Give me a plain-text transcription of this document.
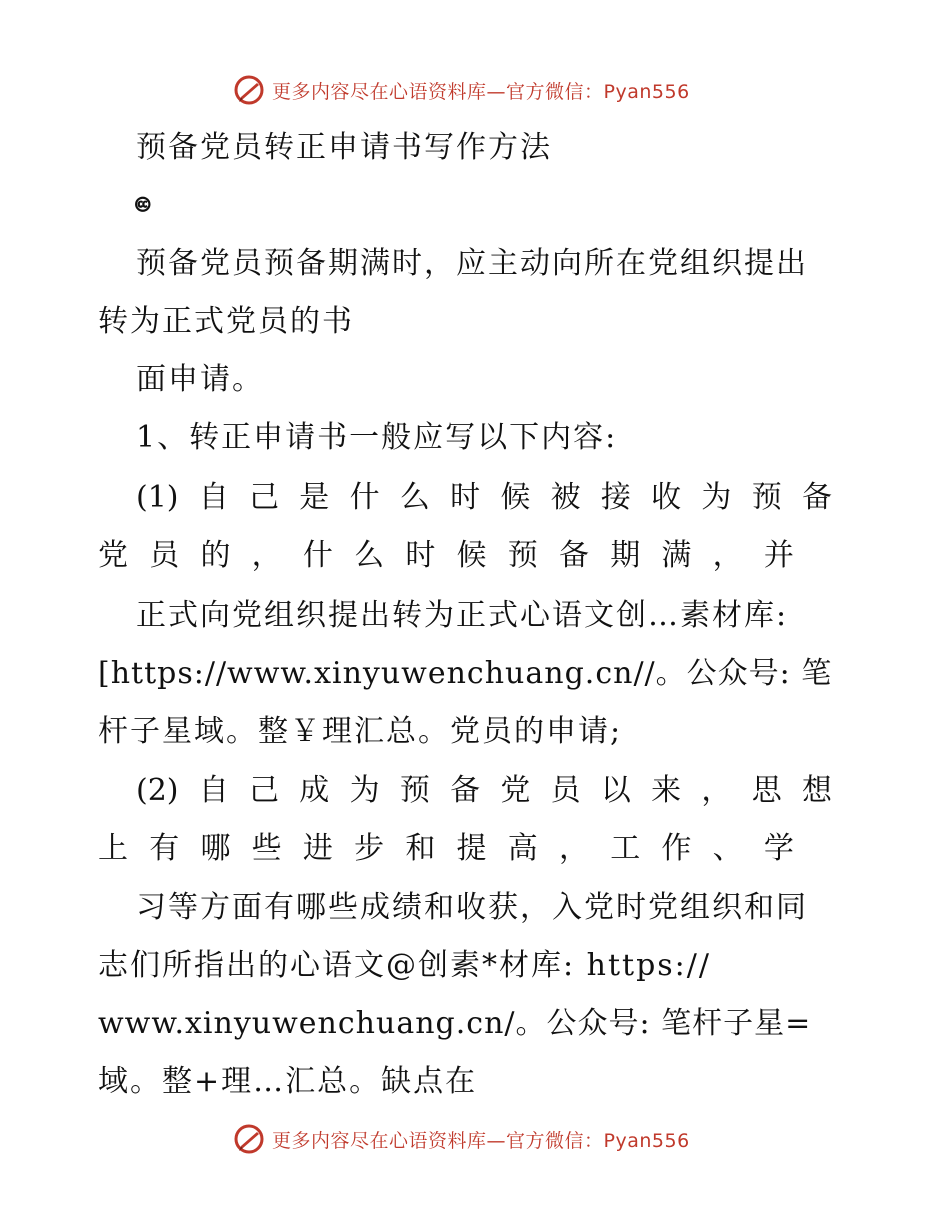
更多内容尽在心语资料库—官方微信：Pyan556
预备党员转正申请书写作方法
🅭
预备党员预备期满时，应主动向所在党组织提出
转为正式党员的书
面申请。
1、转正申请书一般应写以下内容:
(1) 自 己 是 什 么 时 候 被 接 收 为 预 备
党 员 的 ， 什 么 时 候 预 备 期 满 ， 并
正式向党组织提出转为正式心语文创…素材库:
[https://www.xinyuwenchuang.cn//。公众号: 笔
杆子星域。整￥理汇总。党员的申请;
(2) 自 己 成 为 预 备 党 员 以 来 ， 思 想
上 有 哪 些 进 步 和 提 高 ， 工 作 、 学
习等方面有哪些成绩和收获，入党时党组织和同
志们所指出的心语文@创素*材库: https://
www.xinyuwenchuang.cn/。公众号: 笔杆子星=
域。整+理…汇总。缺点在
更多内容尽在心语资料库—官方微信：Pyan556
